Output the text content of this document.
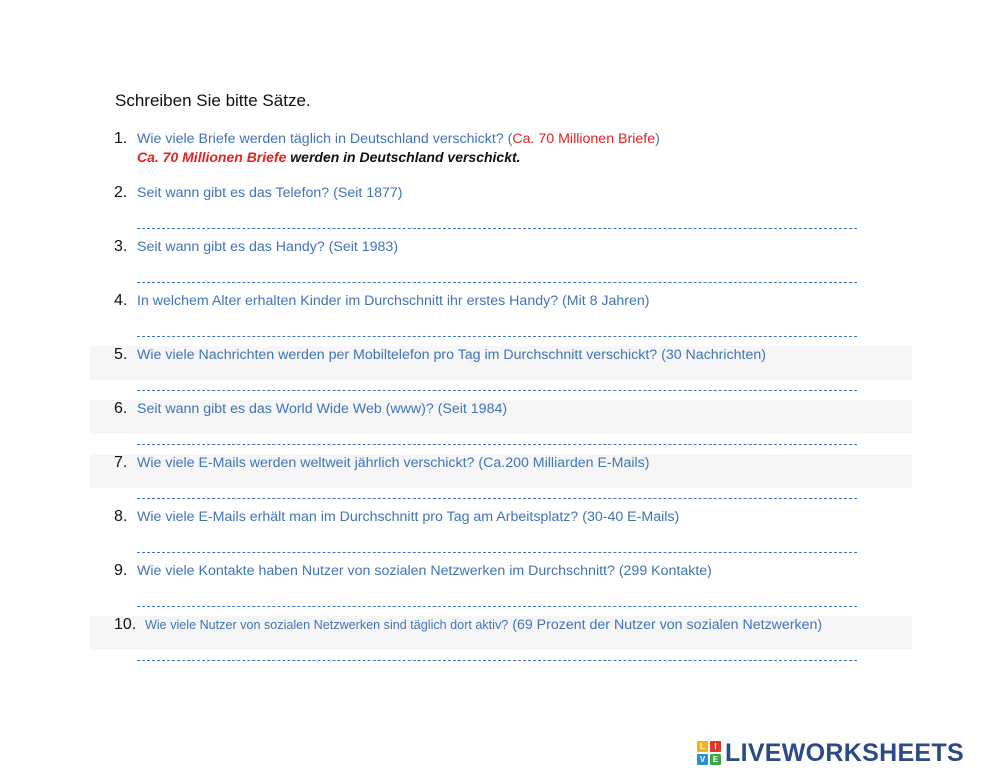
Schreiben Sie bitte Sätze.
1. Wie viele Briefe werden täglich in Deutschland verschickt? (Ca. 70 Millionen Briefe)
Ca. 70 Millionen Briefe werden in Deutschland verschickt.
2. Seit wann gibt es das Telefon? (Seit 1877)
3. Seit wann gibt es das Handy? (Seit 1983)
4. In welchem Alter erhalten Kinder im Durchschnitt ihr erstes Handy? (Mit 8 Jahren)
5. Wie viele Nachrichten werden per Mobiltelefon pro Tag im Durchschnitt verschickt? (30 Nachrichten)
6. Seit wann gibt es das World Wide Web (www)? (Seit 1984)
7. Wie viele E-Mails werden weltweit jährlich verschickt? (Ca.200 Milliarden E-Mails)
8. Wie viele E-Mails erhält man im Durchschnitt pro Tag am Arbeitsplatz? (30-40 E-Mails)
9. Wie viele Kontakte haben Nutzer von sozialen Netzwerken im Durchschnitt? (299 Kontakte)
10. Wie viele Nutzer von sozialen Netzwerken sind täglich dort aktiv? (69 Prozent der Nutzer von sozialen Netzwerken)
L	I
V E LIVEWORKSHEETS
